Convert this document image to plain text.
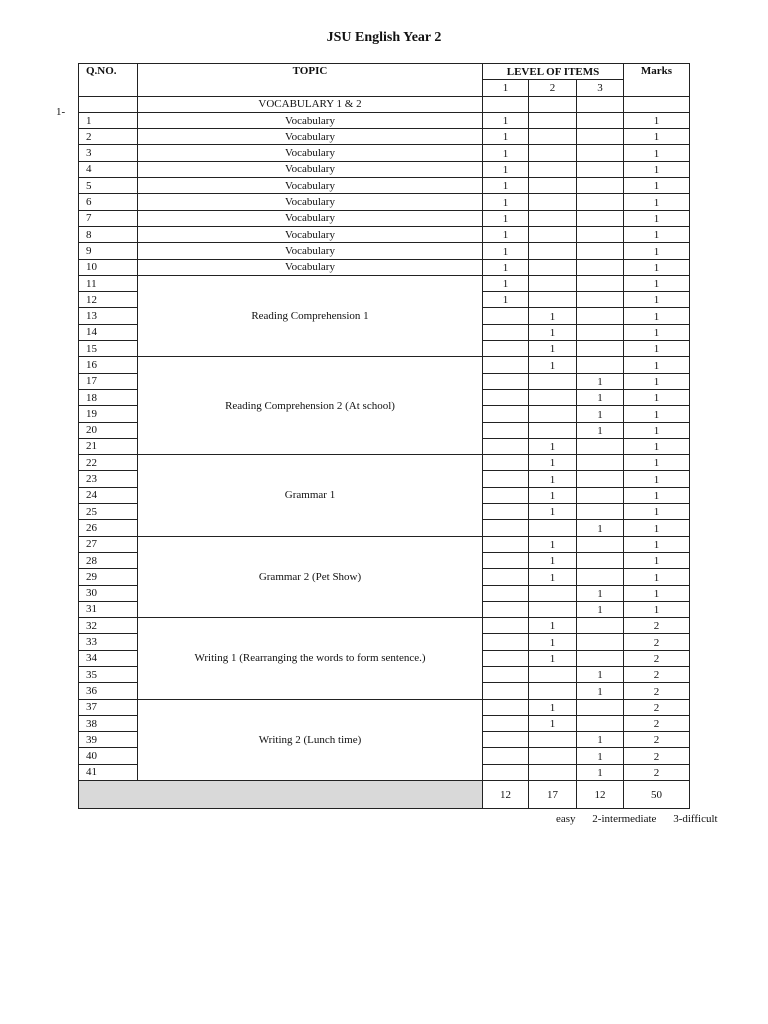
JSU English Year 2
1-
Q.NO.	TOPIC	LEVEL OF ITEMS			Marks
		1	2	3	
	VOCABULARY 1 & 2				
1	Vocabulary	1			1
2	Vocabulary	1			1
3	Vocabulary	1			1
4	Vocabulary	1			1
5	Vocabulary	1			1
6	Vocabulary	1			1
7	Vocabulary	1			1
8	Vocabulary	1			1
9	Vocabulary	1			1
10	Vocabulary	1			1
11	Reading Comprehension 1	1			1
12		1			1
13			1		1
14			1		1
15			1		1
16	Reading Comprehension 2 (At school)		1		1
17				1	1
18				1	1
19				1	1
20				1	1
21			1		1
22	Grammar 1		1		1
23			1		1
24			1		1
25			1		1
26				1	1
27	Grammar 2 (Pet Show)		1		1
28			1		1
29			1		1
30				1	1
31				1	1
32	Writing 1 (Rearranging the words to form sentence.)		1		2
33			1		2
34			1		2
35				1	2
36				1	2
37	Writing 2 (Lunch time)		1		2
38			1		2
39				1	2
40				1	2
41				1	2
		12	17	12	50
easy 2-intermediate 3-difficult
